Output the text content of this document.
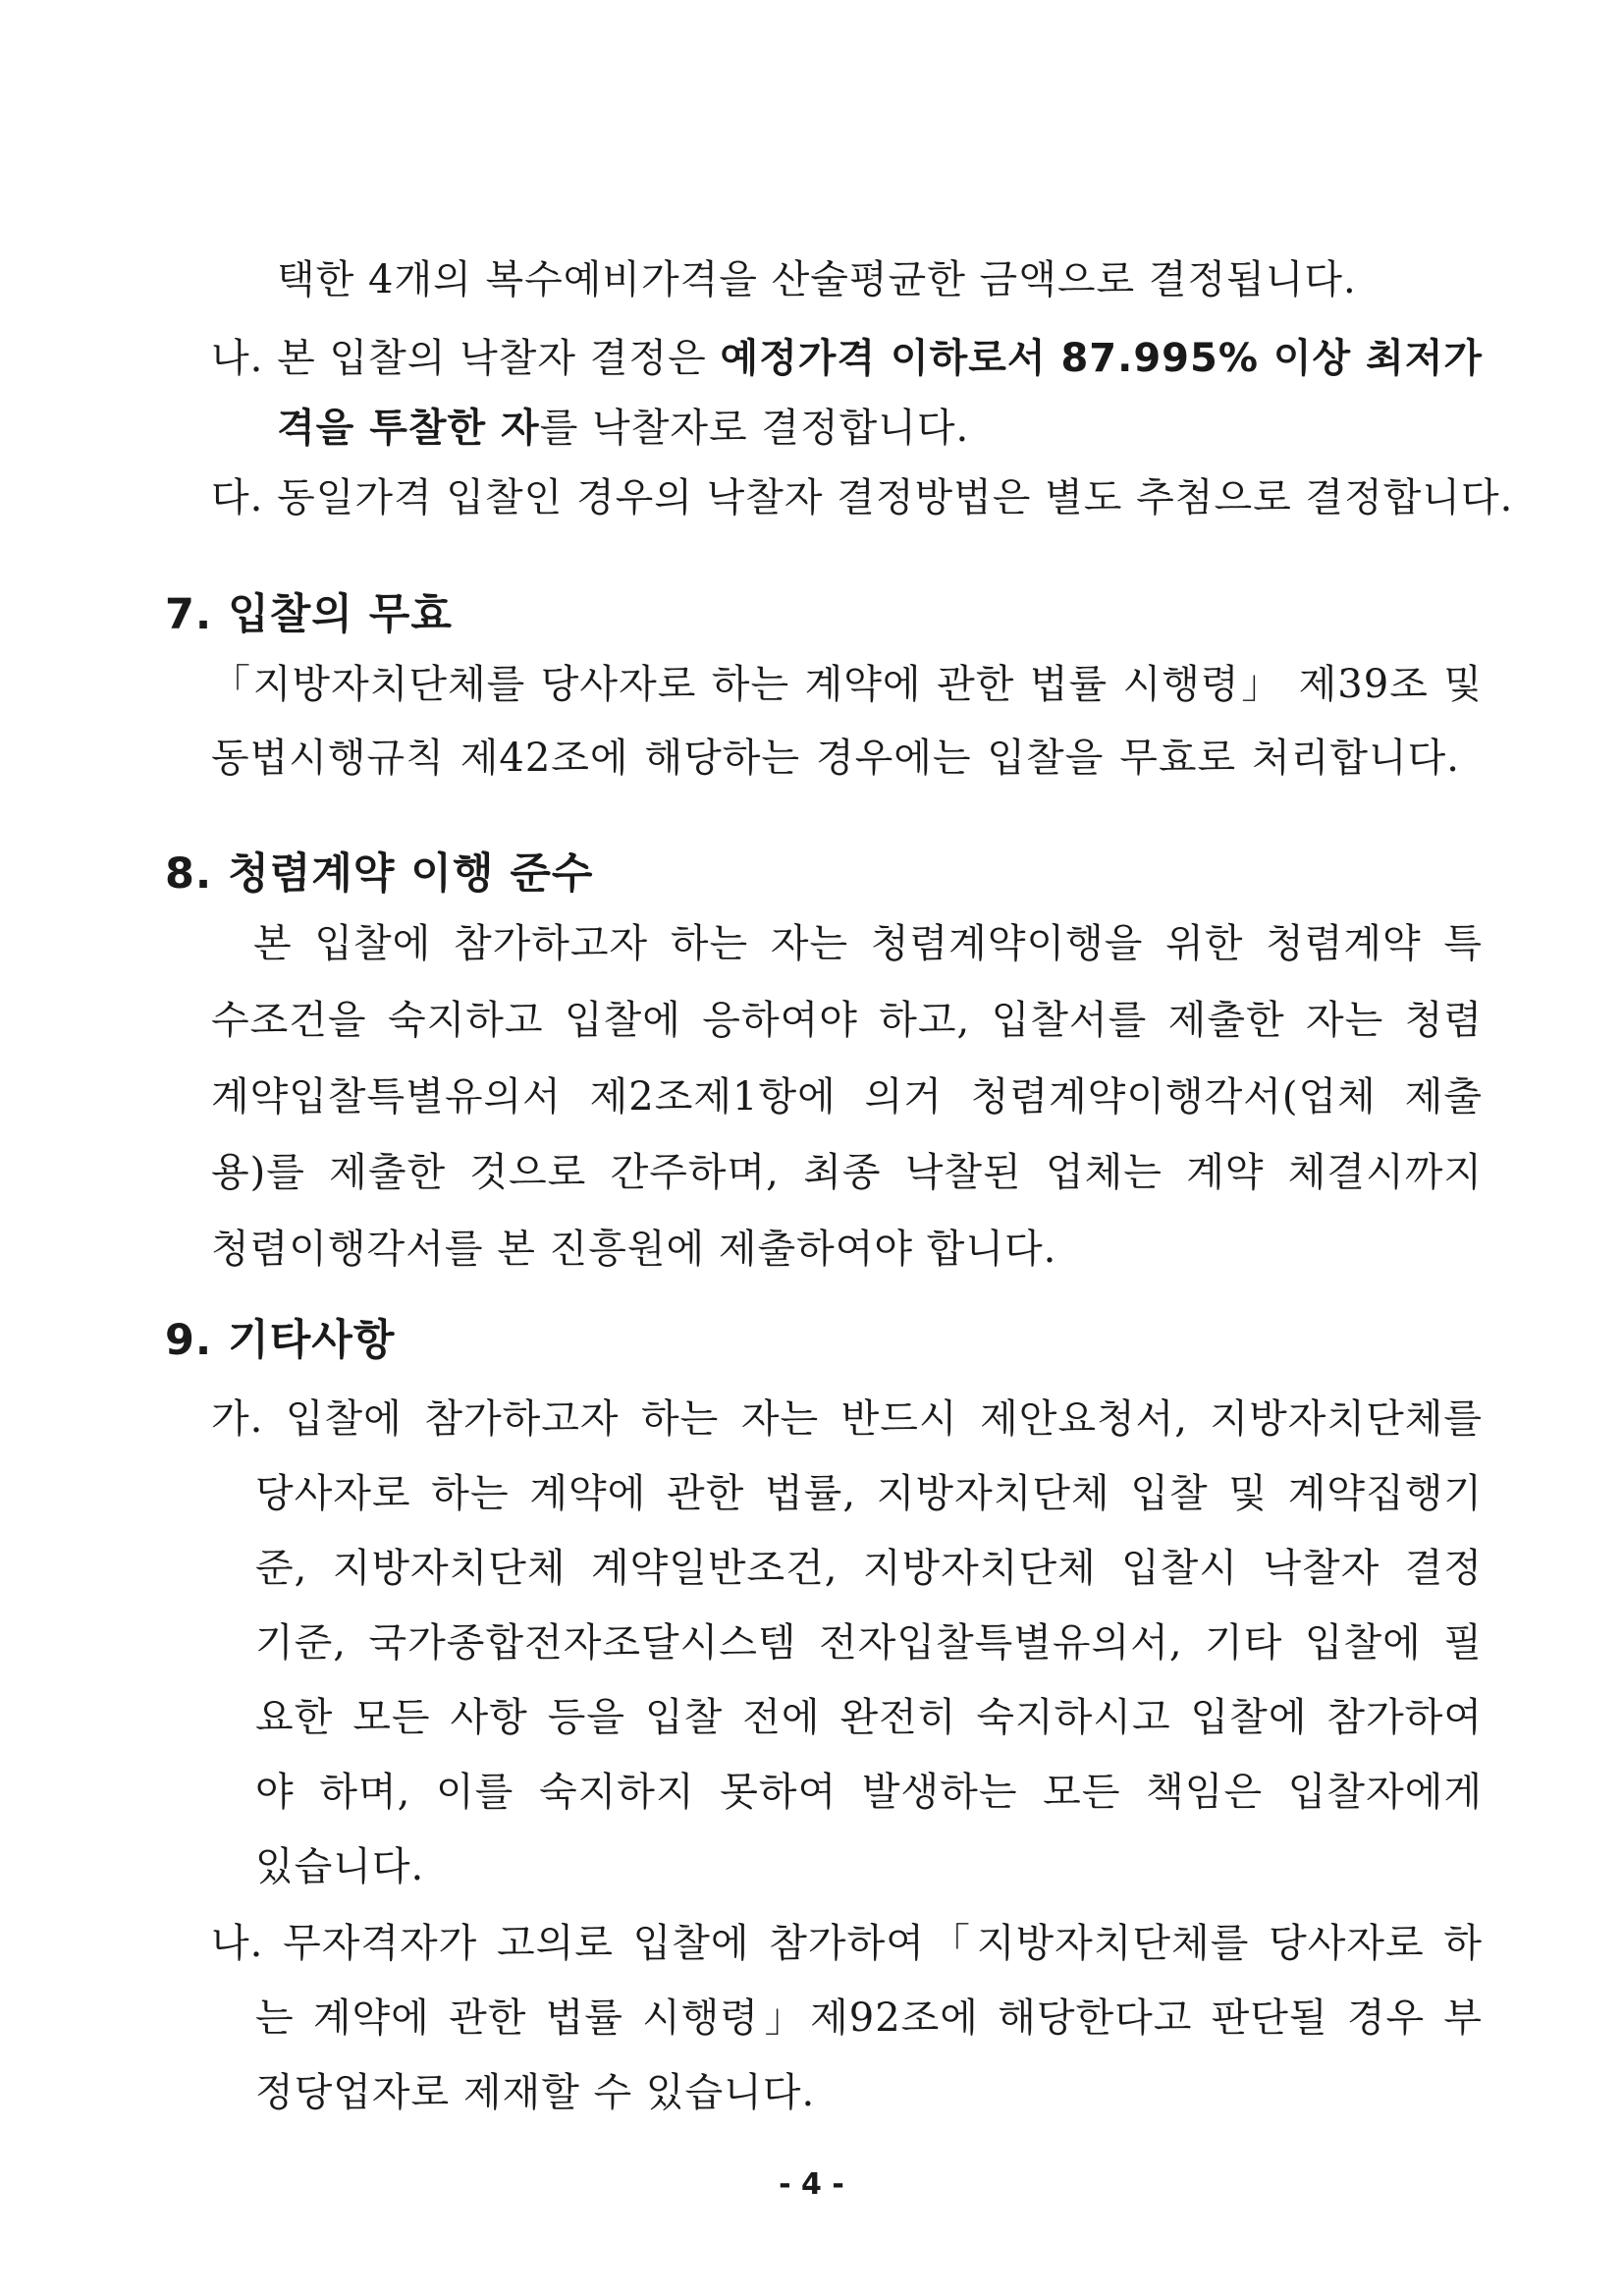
택한 4개의 복수예비가격을 산술평균한 금액으로 결정됩니다.
나. 본 입찰의 낙찰자 결정은 예정가격 이하로서 87.995% 이상 최저가
격을 투찰한 자를 낙찰자로 결정합니다.
다. 동일가격 입찰인 경우의 낙찰자 결정방법은 별도 추첨으로 결정합니다.
7. 입찰의 무효
「지방자치단체를 당사자로 하는 계약에 관한 법률 시행령」 제39조 및
동법시행규칙 제42조에 해당하는 경우에는 입찰을 무효로 처리합니다.
8. 청렴계약 이행 준수
본 입찰에 참가하고자 하는 자는 청렴계약이행을 위한 청렴계약 특
수조건을 숙지하고 입찰에 응하여야 하고, 입찰서를 제출한 자는 청렴
계약입찰특별유의서 제2조제1항에 의거 청렴계약이행각서(업체 제출
용)를 제출한 것으로 간주하며, 최종 낙찰된 업체는 계약 체결시까지
청렴이행각서를 본 진흥원에 제출하여야 합니다.
9. 기타사항
가. 입찰에 참가하고자 하는 자는 반드시 제안요청서, 지방자치단체를
당사자로 하는 계약에 관한 법률, 지방자치단체 입찰 및 계약집행기
준, 지방자치단체 계약일반조건, 지방자치단체 입찰시 낙찰자 결정
기준, 국가종합전자조달시스템 전자입찰특별유의서, 기타 입찰에 필
요한 모든 사항 등을 입찰 전에 완전히 숙지하시고 입찰에 참가하여
야 하며, 이를 숙지하지 못하여 발생하는 모든 책임은 입찰자에게
있습니다.
나. 무자격자가 고의로 입찰에 참가하여「지방자치단체를 당사자로 하
는 계약에 관한 법률 시행령」제92조에 해당한다고 판단될 경우 부
정당업자로 제재할 수 있습니다.
- 4 -
